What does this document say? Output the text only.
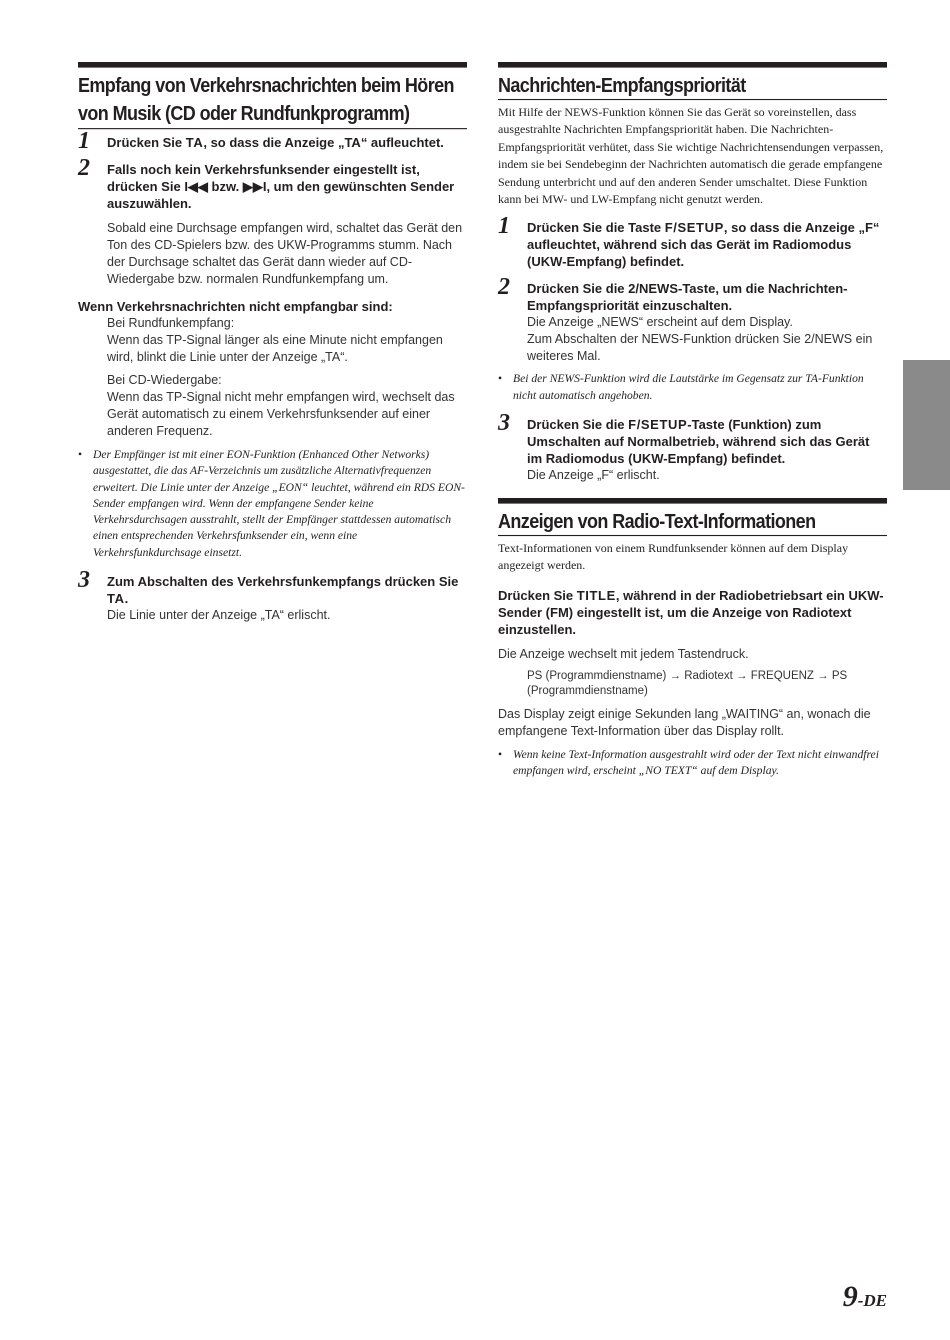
Empfang von Verkehrsnachrichten beim Hören von Musik (CD oder Rundfunkprogramm)
1 Drücken Sie TA, so dass die Anzeige „TA“ aufleuchtet.
2 Falls noch kein Verkehrsfunksender eingestellt ist, drücken Sie I◀◀ bzw. ▶▶I, um den gewünschten Sender auszuwählen.
Sobald eine Durchsage empfangen wird, schaltet das Gerät den Ton des CD-Spielers bzw. des UKW-Programms stumm. Nach der Durchsage schaltet das Gerät dann wieder auf CD-Wiedergabe bzw. normalen Rundfunkempfang um.
Wenn Verkehrsnachrichten nicht empfangbar sind:
Bei Rundfunkempfang:
Wenn das TP-Signal länger als eine Minute nicht empfangen wird, blinkt die Linie unter der Anzeige „TA“.
Bei CD-Wiedergabe:
Wenn das TP-Signal nicht mehr empfangen wird, wechselt das Gerät automatisch zu einem Verkehrsfunksender auf einer anderen Frequenz.
• Der Empfänger ist mit einer EON-Funktion (Enhanced Other Networks) ausgestattet, die das AF-Verzeichnis um zusätzliche Alternativfrequenzen erweitert. Die Linie unter der Anzeige „EON“ leuchtet, während ein RDS EON-Sender empfangen wird. Wenn der empfangene Sender keine Verkehrsdurchsagen ausstrahlt, stellt der Empfänger stattdessen automatisch einen entsprechenden Verkehrsfunksender ein, wenn eine Verkehrsfunkdurchsage einsetzt.
3 Zum Abschalten des Verkehrsfunkempfangs drücken Sie TA.
Die Linie unter der Anzeige „TA“ erlischt.
Nachrichten-Empfangspriorität
Mit Hilfe der NEWS-Funktion können Sie das Gerät so voreinstellen, dass ausgestrahlte Nachrichten Empfangspriorität haben. Die Nachrichten-Empfangspriorität verhütet, dass Sie wichtige Nachrichtensendungen verpassen, indem sie bei Sendebeginn der Nachrichten automatisch die gerade empfangene Sendung unterbricht und auf den anderen Sender umschaltet. Diese Funktion kann bei MW- und LW-Empfang nicht genutzt werden.
1 Drücken Sie die Taste F/SETUP, so dass die Anzeige „F“ aufleuchtet, während sich das Gerät im Radiomodus (UKW-Empfang) befindet.
2 Drücken Sie die 2/NEWS-Taste, um die Nachrichten-Empfangspriorität einzuschalten.
Die Anzeige „NEWS“ erscheint auf dem Display.
Zum Abschalten der NEWS-Funktion drücken Sie 2/NEWS ein weiteres Mal.
• Bei der NEWS-Funktion wird die Lautstärke im Gegensatz zur TA-Funktion nicht automatisch angehoben.
3 Drücken Sie die F/SETUP-Taste (Funktion) zum Umschalten auf Normalbetrieb, während sich das Gerät im Radiomodus (UKW-Empfang) befindet.
Die Anzeige „F“ erlischt.
Anzeigen von Radio-Text-Informationen
Text-Informationen von einem Rundfunksender können auf dem Display angezeigt werden.
Drücken Sie TITLE, während in der Radiobetriebsart ein UKW-Sender (FM) eingestellt ist, um die Anzeige von Radiotext einzustellen.
Die Anzeige wechselt mit jedem Tastendruck.
PS (Programmdienstname) → Radiotext → FREQUENZ → PS (Programmdienstname)
Das Display zeigt einige Sekunden lang „WAITING“ an, wonach die empfangene Text-Information über das Display rollt.
• Wenn keine Text-Information ausgestrahlt wird oder der Text nicht einwandfrei empfangen wird, erscheint „NO TEXT“ auf dem Display.
9-DE
